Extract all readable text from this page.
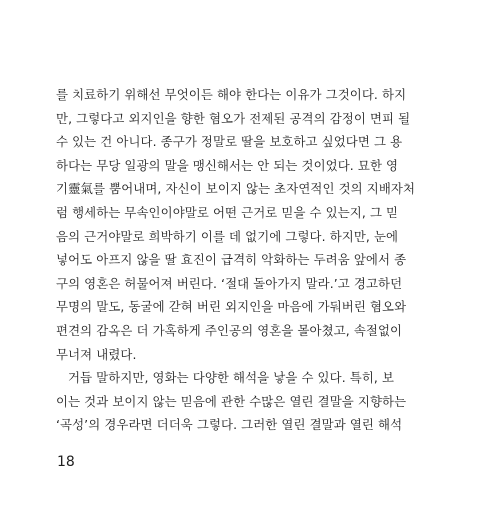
를 치료하기 위해선 무엇이든 해야 한다는 이유가 그것이다. 하지
만, 그렇다고 외지인을 향한 혐오가 전제된 공격의 감정이 면피 될
수 있는 건 아니다. 종구가 정말로 딸을 보호하고 싶었다면 그 용
하다는 무당 일광의 말을 맹신해서는 안 되는 것이었다. 묘한 영
기靈氣를 뿜어내며, 자신이 보이지 않는 초자연적인 것의 지배자처
럼 행세하는 무속인이야말로 어떤 근거로 믿을 수 있는지, 그 믿
음의 근거야말로 희박하기 이를 데 없기에 그렇다. 하지만, 눈에
넣어도 아프지 않을 딸 효진이 급격히 악화하는 두려움 앞에서 종
구의 영혼은 허물어져 버린다. ‘절대 돌아가지 말라.’고 경고하던
무명의 말도, 동굴에 갇혀 버린 외지인을 마음에 가둬버린 혐오와
편견의 감옥은 더 가혹하게 주인공의 영혼을 몰아쳤고, 속절없이
무너져 내렸다.
거듭 말하지만, 영화는 다양한 해석을 낳을 수 있다. 특히, 보
이는 것과 보이지 않는 믿음에 관한 수많은 열린 결말을 지향하는
‘곡성’의 경우라면 더더욱 그렇다. 그러한 열린 결말과 열린 해석
18
